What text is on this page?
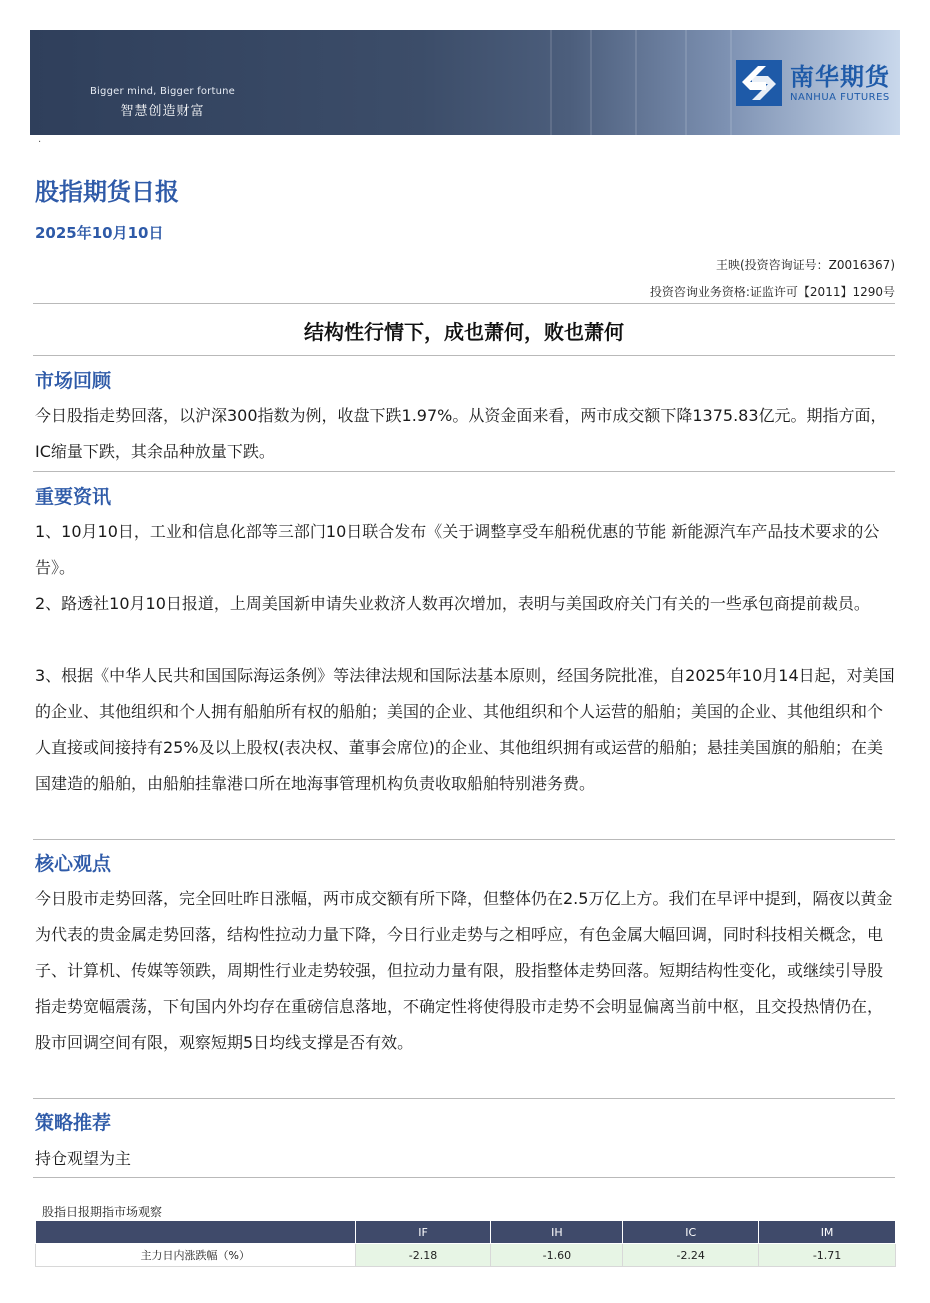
Bigger mind, Bigger fortune
智慧创造财富
南华期货
NANHUA FUTURES
·
股指期货日报
2025年10月10日
王映(投资咨询证号：Z0016367)
投资咨询业务资格:证监许可【2011】1290号
结构性行情下，成也萧何，败也萧何
市场回顾

今日股指走势回落，以沪深300指数为例，收盘下跌1.97%。从资金面来看，两市成交额下降1375.83亿元。期指方面，IC缩量下跌，其余品种放量下跌。

重要资讯

1、10月10日，工业和信息化部等三部门10日联合发布《关于调整享受车船税优惠的节能 新能源汽车产品技术要求的公告》。

2、路透社10月10日报道，上周美国新申请失业救济人数再次增加，表明与美国政府关门有关的一些承包商提前裁员。

3、根据《中华人民共和国国际海运条例》等法律法规和国际法基本原则，经国务院批准，自2025年10月14日起，对美国的企业、其他组织和个人拥有船舶所有权的船舶；美国的企业、其他组织和个人运营的船舶；美国的企业、其他组织和个人直接或间接持有25%及以上股权(表决权、董事会席位)的企业、其他组织拥有或运营的船舶；悬挂美国旗的船舶；在美国建造的船舶，由船舶挂靠港口所在地海事管理机构负责收取船舶特别港务费。

核心观点

今日股市走势回落，完全回吐昨日涨幅，两市成交额有所下降，但整体仍在2.5万亿上方。我们在早评中提到，隔夜以黄金为代表的贵金属走势回落，结构性拉动力量下降，今日行业走势与之相呼应，有色金属大幅回调，同时科技相关概念，电子、计算机、传媒等领跌，周期性行业走势较强，但拉动力量有限，股指整体走势回落。短期结构性变化，或继续引导股指走势宽幅震荡，下旬国内外均存在重磅信息落地，不确定性将使得股市走势不会明显偏离当前中枢，且交投热情仍在，股市回调空间有限，观察短期5日均线支撑是否有效。

策略推荐

持仓观望为主

股指日报期指市场观察
	IF	IH	IC	IM
主力日内涨跌幅（%）	-2.18	-1.60	-2.24	-1.71
